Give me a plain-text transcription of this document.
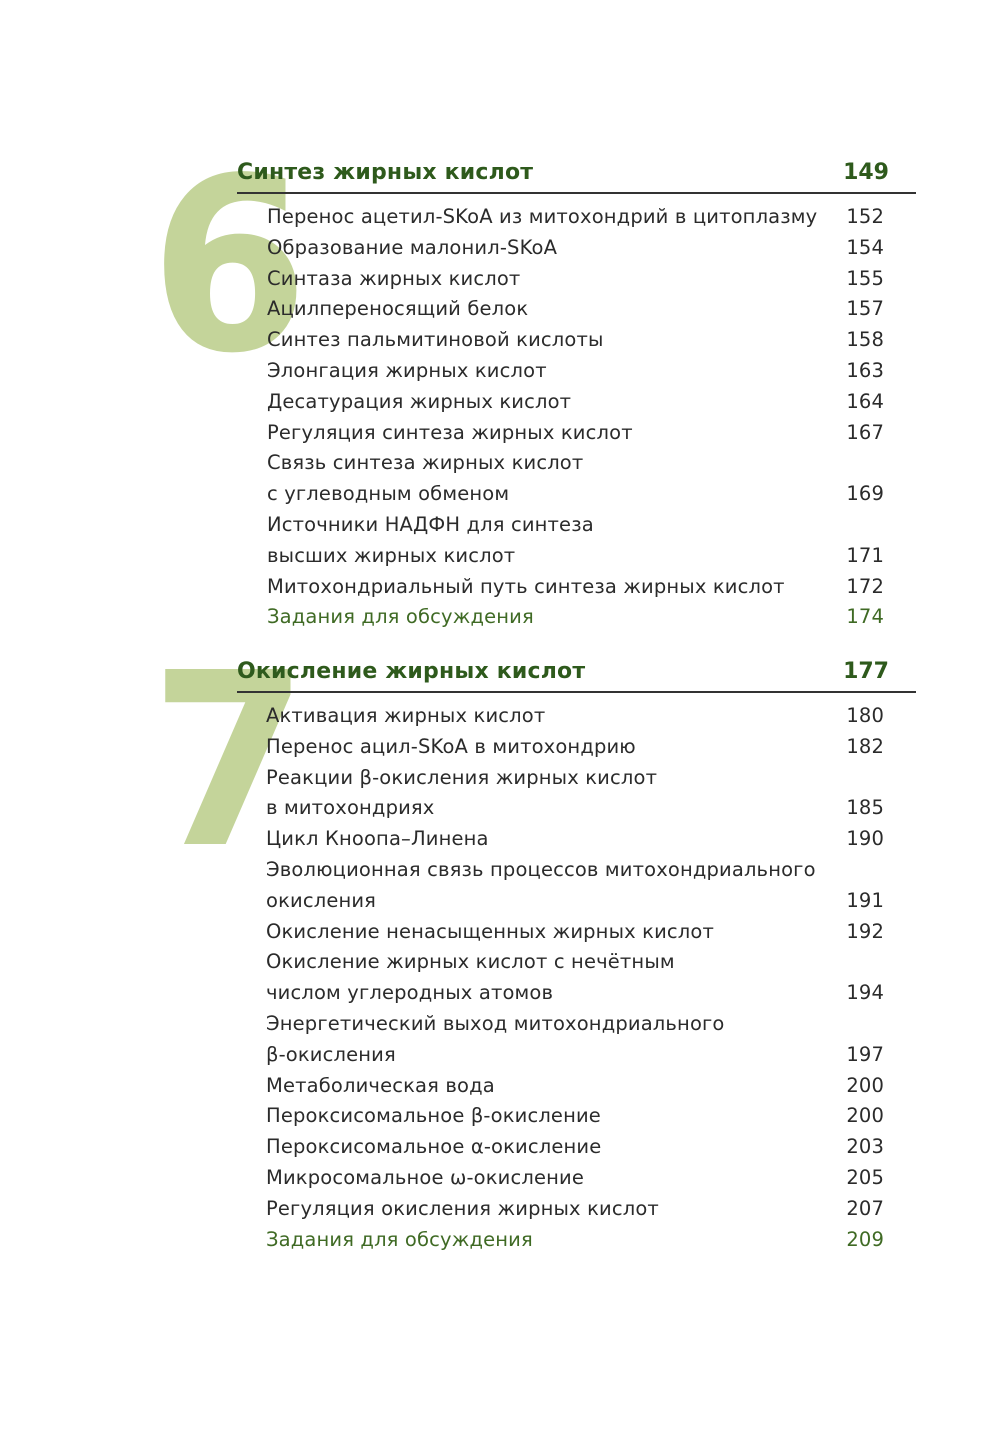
6
Синтез жирных кислот	149
Перенос ацетил-SKoA из митохондрий в цитоплазму 152
Образование малонил-SKoA	154
Синтаза жирных кислот	155
Ацилпереносящий белок	157
Синтез пальмитиновой кислоты	158
Элонгация жирных кислот	163
Десатурация жирных кислот	164
Регуляция синтеза жирных кислот	167
Связь синтеза жирных кислот
с углеводным обменом	169
Источники НАДФН для синтеза
высших жирных кислот	171
Митохондриальный путь синтеза жирных кислот	172
Задания для обсуждения	174
7
Окисление жирных кислот	177
Активация жирных кислот	180
Перенос ацил-SKoA в митохондрию	182
Реакции β-окисления жирных кислот
в митохондриях	185
Цикл Кноопа–Линена	190
Эволюционная связь процессов митохондриального
окисления	191
Окисление ненасыщенных жирных кислот	192
Окисление жирных кислот с нечётным
числом углеродных атомов	194
Энергетический выход митохондриального
β-окисления	197
Метаболическая вода	200
Пероксисомальное β-окисление	200
Пероксисомальное α-окисление	203
Микросомальное ω-окисление	205
Регуляция окисления жирных кислот	207
Задания для обсуждения	209
